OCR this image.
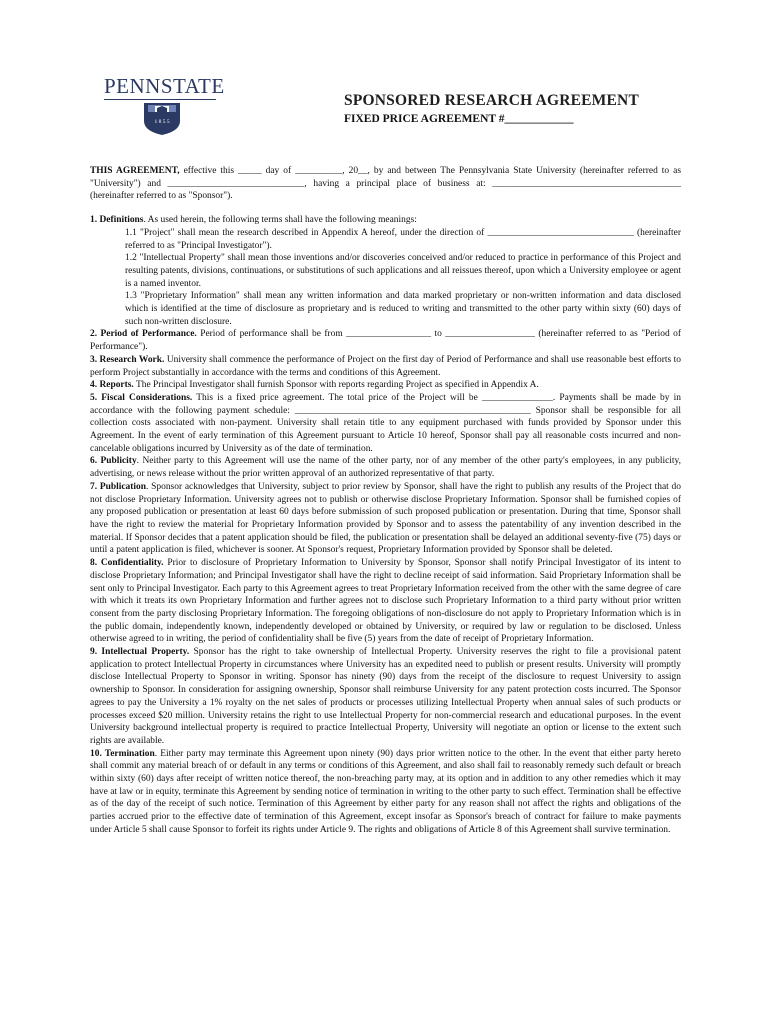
PENNSTATE
1 8 5 5
SPONSORED RESEARCH AGREEMENT
FIXED PRICE AGREEMENT #____________

THIS AGREEMENT, effective this _____ day of __________, 20__, by and between The Pennsylvania State University (hereinafter referred to as "University") and _____________________________, having a principal place of business at: ________________________________________ (hereinafter referred to as "Sponsor").

1. Definitions. As used herein, the following terms shall have the following meanings:

1.1 "Project" shall mean the research described in Appendix A hereof, under the direction of _______________________________ (hereinafter referred to as "Principal Investigator").

1.2 "Intellectual Property" shall mean those inventions and/or discoveries conceived and/or reduced to practice in performance of this Project and resulting patents, divisions, continuations, or substitutions of such applications and all reissues thereof, upon which a University employee or agent is a named inventor.

1.3 "Proprietary Information" shall mean any written information and data marked proprietary or non-written information and data disclosed which is identified at the time of disclosure as proprietary and is reduced to writing and transmitted to the other party within sixty (60) days of such non-written disclosure.

2. Period of Performance. Period of performance shall be from __________________ to ___________________ (hereinafter referred to as "Period of Performance").

3. Research Work. University shall commence the performance of Project on the first day of Period of Performance and shall use reasonable best efforts to perform Project substantially in accordance with the terms and conditions of this Agreement.

4. Reports. The Principal Investigator shall furnish Sponsor with reports regarding Project as specified in Appendix A.

5. Fiscal Considerations. This is a fixed price agreement. The total price of the Project will be _______________. Payments shall be made by in accordance with the following payment schedule: __________________________________________________ Sponsor shall be responsible for all collection costs associated with non-payment. University shall retain title to any equipment purchased with funds provided by Sponsor under this Agreement. In the event of early termination of this Agreement pursuant to Article 10 hereof, Sponsor shall pay all reasonable costs incurred and non-cancelable obligations incurred by University as of the date of termination.

6. Publicity. Neither party to this Agreement will use the name of the other party, nor of any member of the other party's employees, in any publicity, advertising, or news release without the prior written approval of an authorized representative of that party.

7. Publication. Sponsor acknowledges that University, subject to prior review by Sponsor, shall have the right to publish any results of the Project that do not disclose Proprietary Information. University agrees not to publish or otherwise disclose Proprietary Information. Sponsor shall be furnished copies of any proposed publication or presentation at least 60 days before submission of such proposed publication or presentation. During that time, Sponsor shall have the right to review the material for Proprietary Information provided by Sponsor and to assess the patentability of any invention described in the material. If Sponsor decides that a patent application should be filed, the publication or presentation shall be delayed an additional seventy-five (75) days or until a patent application is filed, whichever is sooner. At Sponsor's request, Proprietary Information provided by Sponsor shall be deleted.

8. Confidentiality. Prior to disclosure of Proprietary Information to University by Sponsor, Sponsor shall notify Principal Investigator of its intent to disclose Proprietary Information; and Principal Investigator shall have the right to decline receipt of said information. Said Proprietary Information shall be sent only to Principal Investigator. Each party to this Agreement agrees to treat Proprietary Information received from the other with the same degree of care with which it treats its own Proprietary Information and further agrees not to disclose such Proprietary Information to a third party without prior written consent from the party disclosing Proprietary Information. The foregoing obligations of non-disclosure do not apply to Proprietary Information which is in the public domain, independently known, independently developed or obtained by University, or required by law or regulation to be disclosed. Unless otherwise agreed to in writing, the period of confidentiality shall be five (5) years from the date of receipt of Proprietary Information.

9. Intellectual Property. Sponsor has the right to take ownership of Intellectual Property. University reserves the right to file a provisional patent application to protect Intellectual Property in circumstances where University has an expedited need to publish or present results. University will promptly disclose Intellectual Property to Sponsor in writing. Sponsor has ninety (90) days from the receipt of the disclosure to request University to assign ownership to Sponsor. In consideration for assigning ownership, Sponsor shall reimburse University for any patent protection costs incurred. The Sponsor agrees to pay the University a 1% royalty on the net sales of products or processes utilizing Intellectual Property when annual sales of such products or processes exceed $20 million. University retains the right to use Intellectual Property for non-commercial research and educational purposes. In the event University background intellectual property is required to practice Intellectual Property, University will negotiate an option or license to the extent such rights are available.

10. Termination. Either party may terminate this Agreement upon ninety (90) days prior written notice to the other. In the event that either party hereto shall commit any material breach of or default in any terms or conditions of this Agreement, and also shall fail to reasonably remedy such default or breach within sixty (60) days after receipt of written notice thereof, the non-breaching party may, at its option and in addition to any other remedies which it may have at law or in equity, terminate this Agreement by sending notice of termination in writing to the other party to such effect. Termination shall be effective as of the day of the receipt of such notice. Termination of this Agreement by either party for any reason shall not affect the rights and obligations of the parties accrued prior to the effective date of termination of this Agreement, except insofar as Sponsor's breach of contract for failure to make payments under Article 5 shall cause Sponsor to forfeit its rights under Article 9. The rights and obligations of Article 8 of this Agreement shall survive termination.
